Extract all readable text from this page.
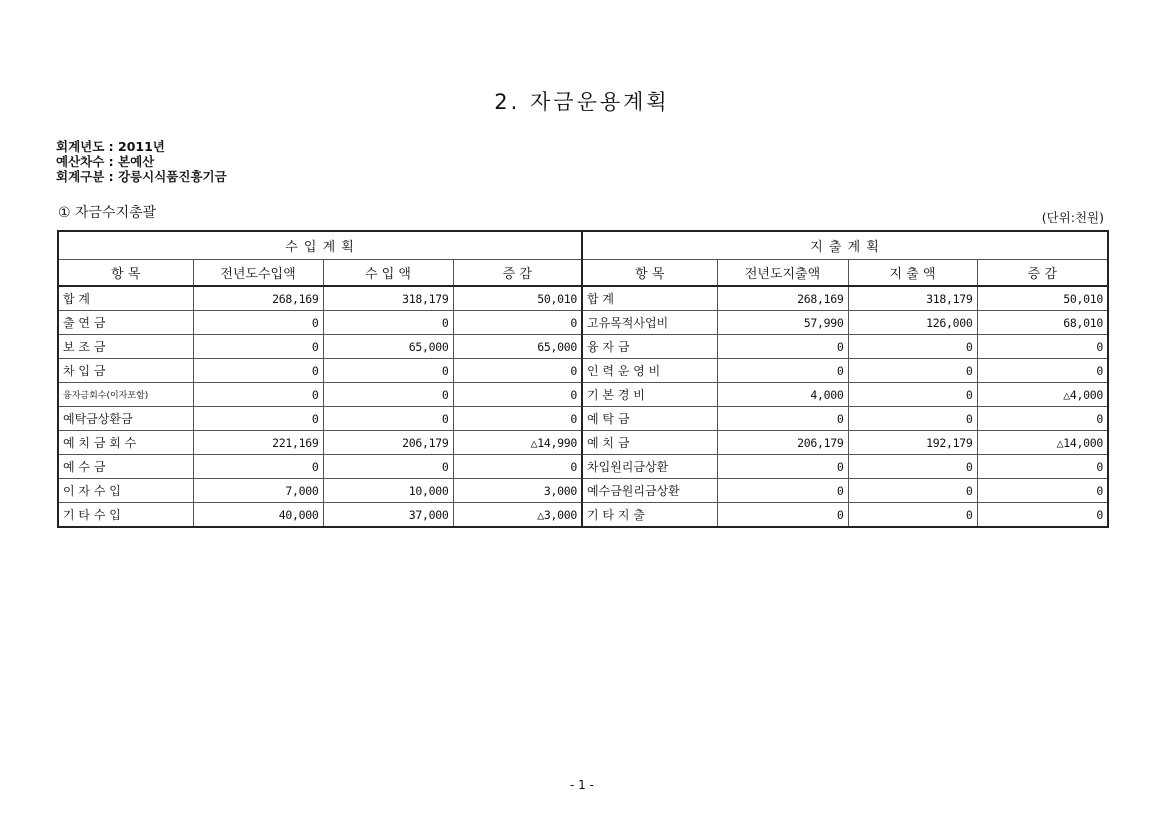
2. 자금운용계획
회계년도 : 2011년
예산차수 : 본예산
회계구분 : 강릉시식품진흥기금
① 자금수지총괄	(단위:천원)
수 입 계 획				지 출 계 획			
항 목	전년도수입액	수 입 액	증 감	항 목	전년도지출액	지 출 액	증 감
합 계	268,169	318,179	50,010	합 계	268,169	318,179	50,010
출 연 금	0	0	0	고유목적사업비	57,990	126,000	68,010
보 조 금	0	65,000	65,000	융 자 금	0	0	0
차 입 금	0	0	0	인 력 운 영 비	0	0	0
융자금회수(이자포함)	0	0	0	기 본 경 비	4,000	0	△4,000
예탁금상환금	0	0	0	예 탁 금	0	0	0
예 치 금 회 수	221,169	206,179	△14,990	예 치 금	206,179	192,179	△14,000
예 수 금	0	0	0	차입원리금상환	0	0	0
이 자 수 입	7,000	10,000	3,000	예수금원리금상환	0	0	0
기 타 수 입	40,000	37,000	△3,000	기 타 지 출	0	0	0
- 1 -
